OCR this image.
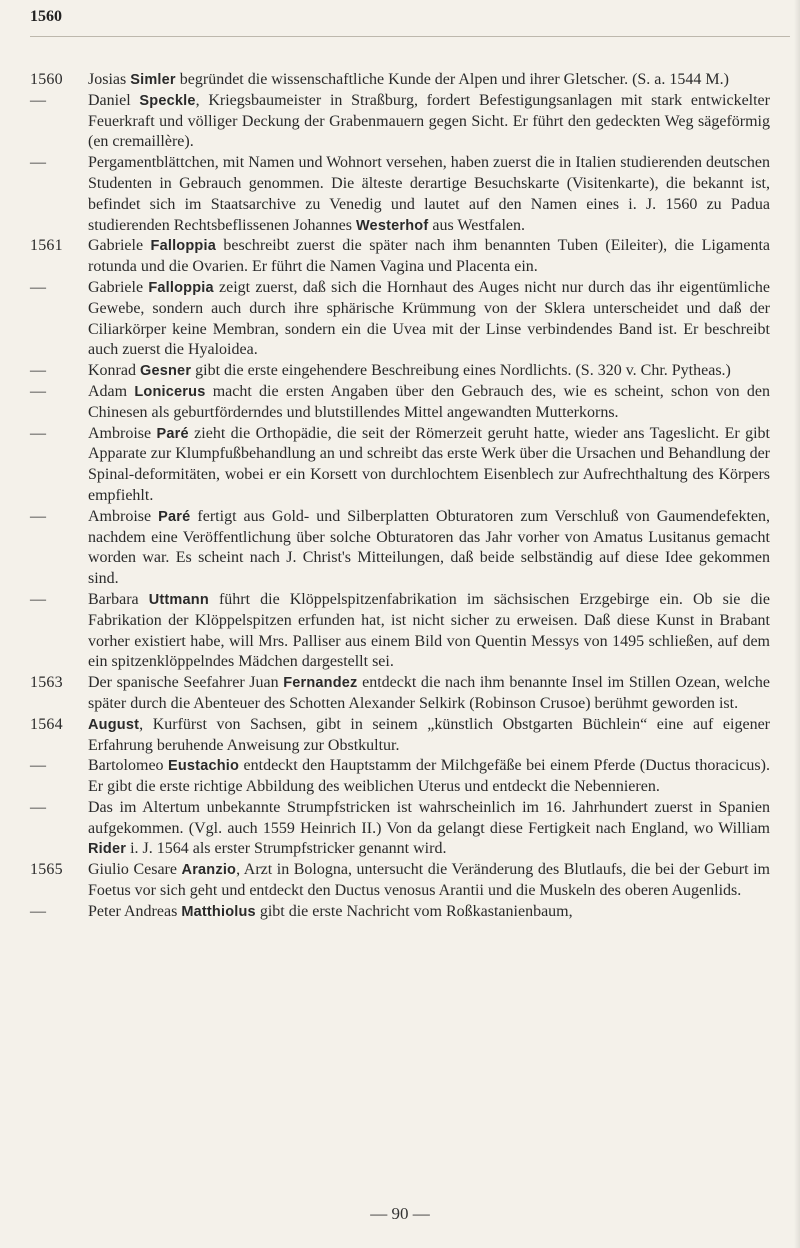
1560
1560	Josias Simler begründet die wissenschaftliche Kunde der Alpen und ihrer Gletscher. (S. a. 1544 M.)
—	Daniel Speckle, Kriegsbaumeister in Straßburg, fordert Befestigungsanlagen mit stark entwickelter Feuerkraft und völliger Deckung der Grabenmauern gegen Sicht. Er führt den gedeckten Weg sägeförmig (en cremaillère).
—	Pergamentblättchen, mit Namen und Wohnort versehen, haben zuerst die in Italien studierenden deutschen Studenten in Gebrauch genommen. Die älteste derartige Besuchskarte (Visitenkarte), die bekannt ist, befindet sich im Staatsarchive zu Venedig und lautet auf den Namen eines i. J. 1560 zu Padua studierenden Rechtsbeflissenen Johannes Westerhof aus Westfalen.
1561	Gabriele Falloppia beschreibt zuerst die später nach ihm benannten Tuben (Eileiter), die Ligamenta rotunda und die Ovarien. Er führt die Namen Vagina und Placenta ein.
—	Gabriele Falloppia zeigt zuerst, daß sich die Hornhaut des Auges nicht nur durch das ihr eigentümliche Gewebe, sondern auch durch ihre sphärische Krümmung von der Sklera unterscheidet und daß der Ciliarkörper keine Membran, sondern ein die Uvea mit der Linse verbindendes Band ist. Er beschreibt auch zuerst die Hyaloidea.
—	Konrad Gesner gibt die erste eingehendere Beschreibung eines Nordlichts. (S. 320 v. Chr. Pytheas.)
—	Adam Lonicerus macht die ersten Angaben über den Gebrauch des, wie es scheint, schon von den Chinesen als geburtförderndes und blutstillendes Mittel angewandten Mutterkorns.
—	Ambroise Paré zieht die Orthopädie, die seit der Römerzeit geruht hatte, wieder ans Tageslicht. Er gibt Apparate zur Klumpfußbehandlung an und schreibt das erste Werk über die Ursachen und Behandlung der Spinal-deformitäten, wobei er ein Korsett von durchlochtem Eisenblech zur Aufrechthaltung des Körpers empfiehlt.
—	Ambroise Paré fertigt aus Gold- und Silberplatten Obturatoren zum Verschluß von Gaumendefekten, nachdem eine Veröffentlichung über solche Obturatoren das Jahr vorher von Amatus Lusitanus gemacht worden war. Es scheint nach J. Christ's Mitteilungen, daß beide selbständig auf diese Idee gekommen sind.
—	Barbara Uttmann führt die Klöppelspitzenfabrikation im sächsischen Erzgebirge ein. Ob sie die Fabrikation der Klöppelspitzen erfunden hat, ist nicht sicher zu erweisen. Daß diese Kunst in Brabant vorher existiert habe, will Mrs. Palliser aus einem Bild von Quentin Messys von 1495 schließen, auf dem ein spitzenklöppelndes Mädchen dargestellt sei.
1563	Der spanische Seefahrer Juan Fernandez entdeckt die nach ihm benannte Insel im Stillen Ozean, welche später durch die Abenteuer des Schotten Alexander Selkirk (Robinson Crusoe) berühmt geworden ist.
1564	August, Kurfürst von Sachsen, gibt in seinem „künstlich Obstgarten Büchlein“ eine auf eigener Erfahrung beruhende Anweisung zur Obstkultur.
—	Bartolomeo Eustachio entdeckt den Hauptstamm der Milchgefäße bei einem Pferde (Ductus thoracicus). Er gibt die erste richtige Abbildung des weiblichen Uterus und entdeckt die Nebennieren.
—	Das im Altertum unbekannte Strumpfstricken ist wahrscheinlich im 16. Jahrhundert zuerst in Spanien aufgekommen. (Vgl. auch 1559 Heinrich II.) Von da gelangt diese Fertigkeit nach England, wo William Rider i. J. 1564 als erster Strumpfstricker genannt wird.
1565	Giulio Cesare Aranzio, Arzt in Bologna, untersucht die Veränderung des Blutlaufs, die bei der Geburt im Foetus vor sich geht und entdeckt den Ductus venosus Arantii und die Muskeln des oberen Augenlids.
—	Peter Andreas Matthiolus gibt die erste Nachricht vom Roßkastanienbaum,
— 90 —
